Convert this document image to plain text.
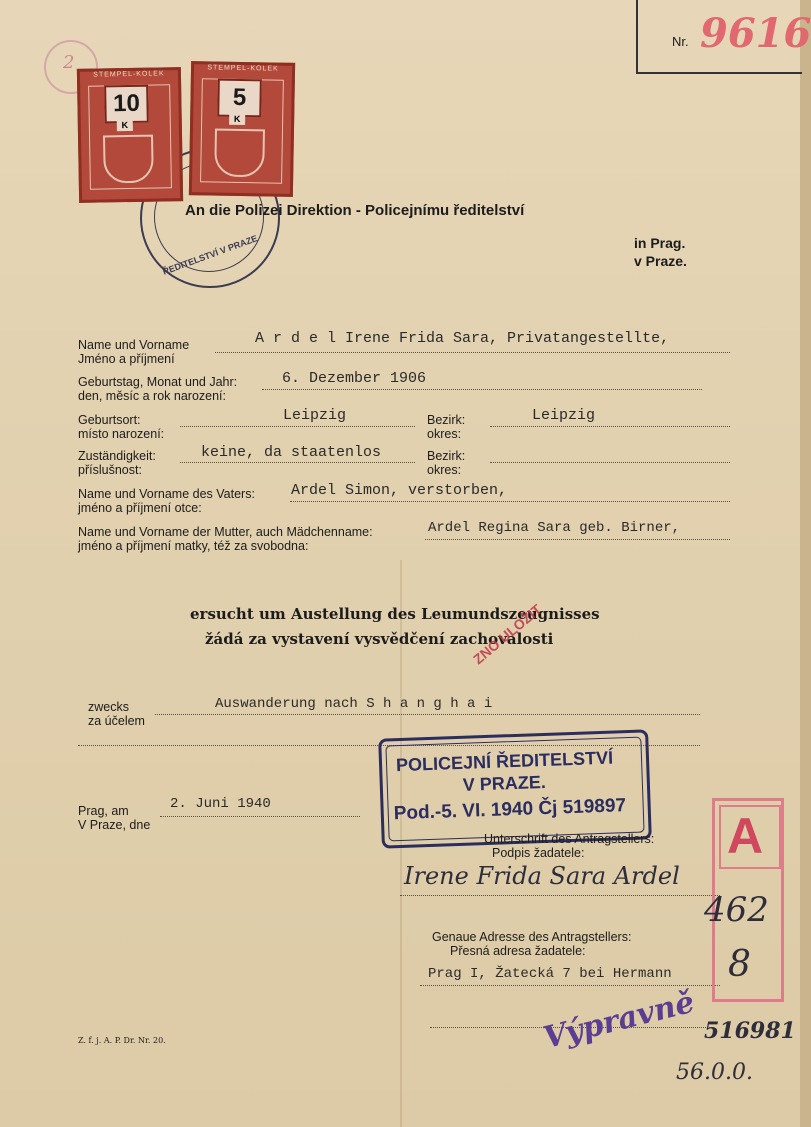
Nr. 9616
2
ŘEDITELSTVÍ V PRAZE
STEMPEL-KOLEK
10
K
STEMPEL-KOLEK
5
K
An die Polizei Direktion - Policejnímu ředitelství
in Prag.
v Praze.
Name und Vorname
Jméno a příjmení
A r d e l Irene Frida Sara, Privatangestellte,
Geburtstag, Monat und Jahr:
den, měsíc a rok narození:
6. Dezember 1906
Geburtsort:
místo narození:
Leipzig	Bezirk:
okres:
Leipzig
Zuständigkeit:
příslušnost:
keine, da staatenlos	Bezirk:
okres:
Name und Vorname des Vaters:
jméno a příjmení otce:
Ardel Simon, verstorben,
Name und Vorname der Mutter, auch Mädchenname:
jméno a příjmení matky, též za svobodna:
Ardel Regina Sara geb. Birner,
ersucht um Austellung des Leumundszeugnisses
žádá za vystavení vysvědčení zachovalosti
ZNO ULOŽIT
zwecks
za účelem
Auswanderung nach S h a n g h a i
POLICEJNÍ ŘEDITELSTVÍ
V PRAZE.
Pod.-5. VI. 1940 Čj 519897
Prag, am
V Praze, dne
2. Juni 1940
Unterschrift des Antragstellers:
Podpis žadatele:
Irene Frida Sara Ardel
Genaue Adresse des Antragstellers:
Přesná adresa žadatele:
Prag I, Žatecká 7 bei Hermann
A
462
8
516981
56.0.0.
Výpravně
Z. f. j. A. P. Dr. Nr. 20.
